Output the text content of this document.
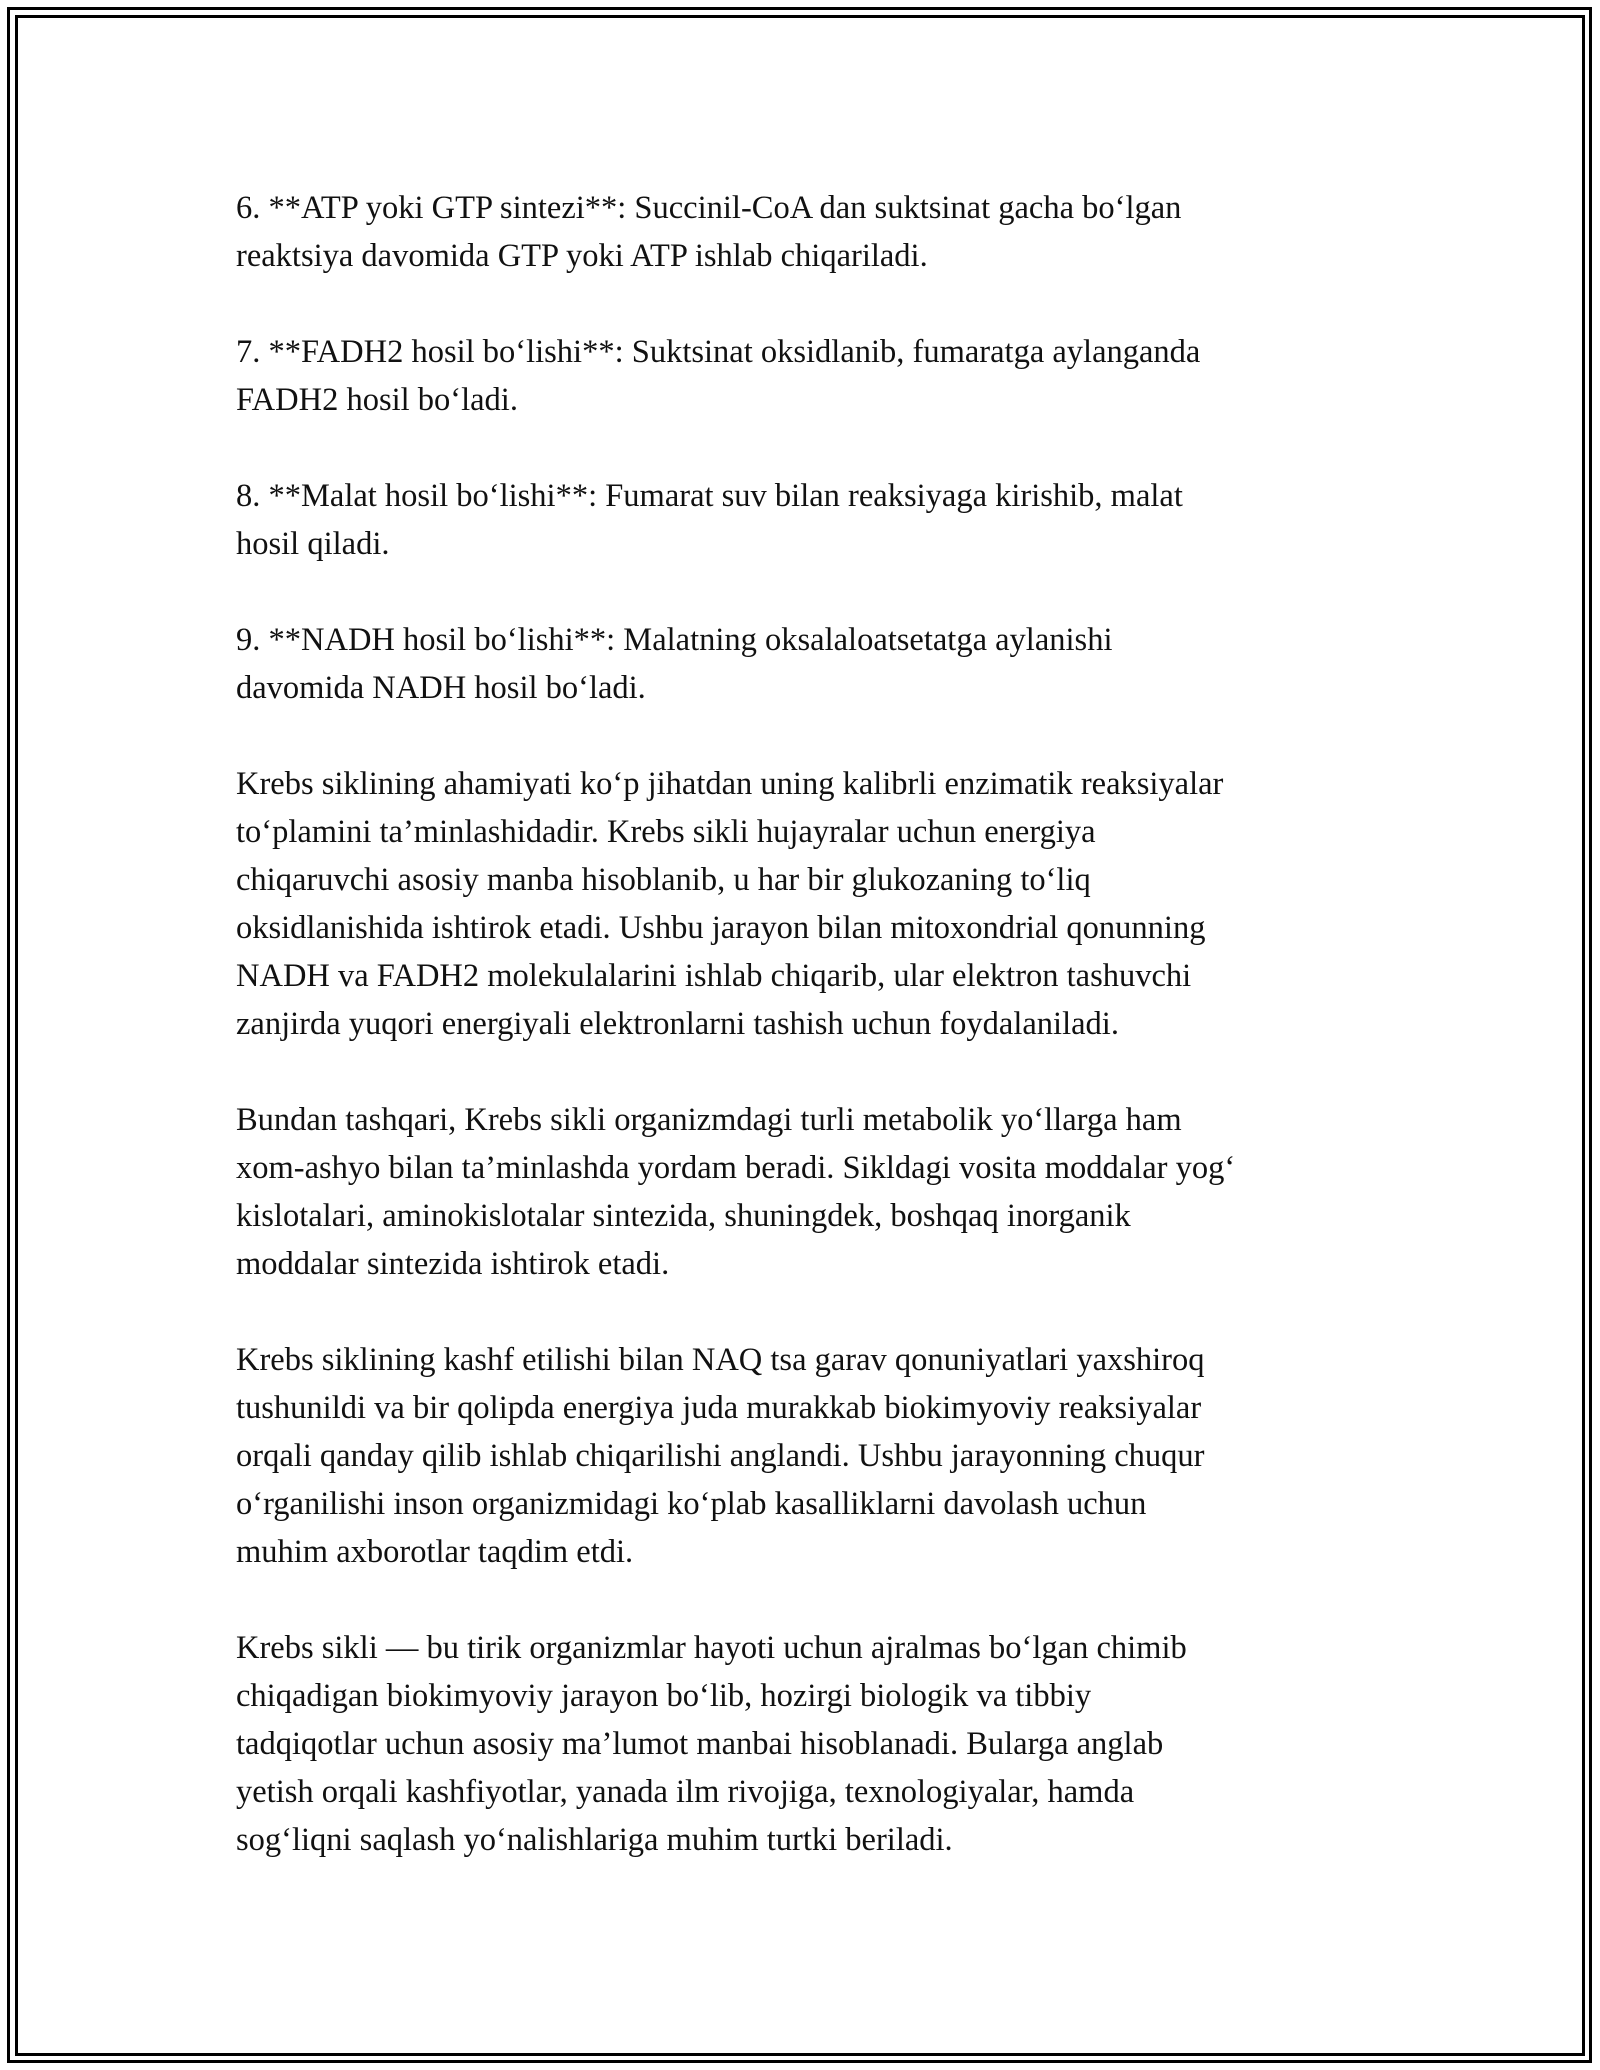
6. **ATP yoki GTP sintezi**: Succinil-CoA dan suktsinat gacha bo‘lgan
reaktsiya davomida GTP yoki ATP ishlab chiqariladi.

7. **FADH2 hosil bo‘lishi**: Suktsinat oksidlanib, fumaratga aylanganda
FADH2 hosil bo‘ladi.

8. **Malat hosil bo‘lishi**: Fumarat suv bilan reaksiyaga kirishib, malat
hosil qiladi.

9. **NADH hosil bo‘lishi**: Malatning oksalaloatsetatga aylanishi
davomida NADH hosil bo‘ladi.

Krebs siklining ahamiyati ko‘p jihatdan uning kalibrli enzimatik reaksiyalar
to‘plamini ta’minlashidadir. Krebs sikli hujayralar uchun energiya
chiqaruvchi asosiy manba hisoblanib, u har bir glukozaning to‘liq
oksidlanishida ishtirok etadi. Ushbu jarayon bilan mitoxondrial qonunning
NADH va FADH2 molekulalarini ishlab chiqarib, ular elektron tashuvchi
zanjirda yuqori energiyali elektronlarni tashish uchun foydalaniladi.

Bundan tashqari, Krebs sikli organizmdagi turli metabolik yo‘llarga ham
xom-ashyo bilan ta’minlashda yordam beradi. Sikldagi vosita moddalar yog‘
kislotalari, aminokislotalar sintezida, shuningdek, boshqaq inorganik
moddalar sintezida ishtirok etadi.

Krebs siklining kashf etilishi bilan NAQ tsa garav qonuniyatlari yaxshiroq
tushunildi va bir qolipda energiya juda murakkab biokimyoviy reaksiyalar
orqali qanday qilib ishlab chiqarilishi anglandi. Ushbu jarayonning chuqur
o‘rganilishi inson organizmidagi ko‘plab kasalliklarni davolash uchun
muhim axborotlar taqdim etdi.

Krebs sikli — bu tirik organizmlar hayoti uchun ajralmas bo‘lgan chimib
chiqadigan biokimyoviy jarayon bo‘lib, hozirgi biologik va tibbiy
tadqiqotlar uchun asosiy ma’lumot manbai hisoblanadi. Bularga anglab
yetish orqali kashfiyotlar, yanada ilm rivojiga, texnologiyalar, hamda
sog‘liqni saqlash yo‘nalishlariga muhim turtki beriladi.
